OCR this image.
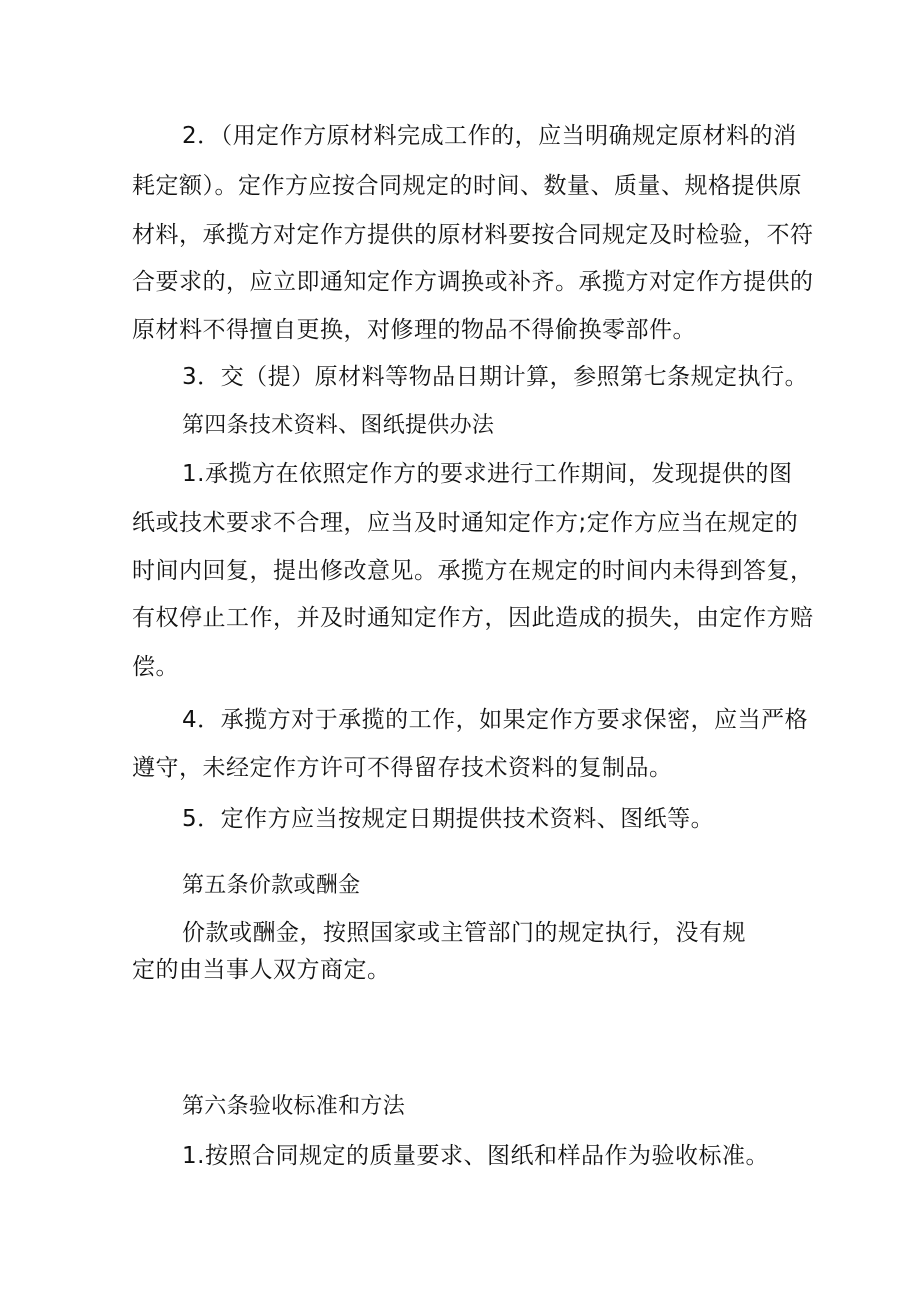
2．（用定作方原材料完成工作的，应当明确规定原材料的消
耗定额）。定作方应按合同规定的时间、数量、质量、规格提供原
材料，承揽方对定作方提供的原材料要按合同规定及时检验，不符
合要求的，应立即通知定作方调换或补齐。承揽方对定作方提供的
原材料不得擅自更换，对修理的物品不得偷换零部件。
3．交（提）原材料等物品日期计算，参照第七条规定执行。
第四条技术资料、图纸提供办法
1.承揽方在依照定作方的要求进行工作期间，发现提供的图
纸或技术要求不合理，应当及时通知定作方;定作方应当在规定的
时间内回复，提出修改意见。承揽方在规定的时间内未得到答复，
有权停止工作，并及时通知定作方，因此造成的损失，由定作方赔
偿。
4．承揽方对于承揽的工作，如果定作方要求保密，应当严格
遵守，未经定作方许可不得留存技术资料的复制品。
5．定作方应当按规定日期提供技术资料、图纸等。
第五条价款或酬金
价款或酬金，按照国家或主管部门的规定执行，没有规
定的由当事人双方商定。
第六条验收标准和方法
1.按照合同规定的质量要求、图纸和样品作为验收标准。
